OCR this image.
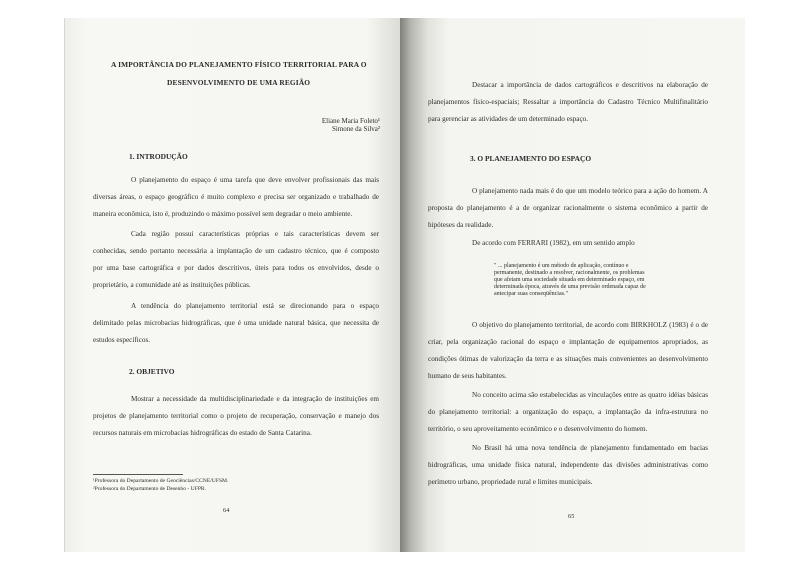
A IMPORTÂNCIA DO PLANEJAMENTO FÍSICO TERRITORIAL PARA O

DESENVOLVIMENTO DE UMA REGIÃO

Eliane Maria Foleto¹
Simone da Silva²

1. INTRODUÇÃO

O planejamento do espaço é uma tarefa que deve envolver profissionais das mais
diversas áreas, o espaço geográfico é muito complexo e precisa ser organizado e trabalhado de
maneira econômica, isto é, produzindo o máximo possível sem degradar o meio ambiente.
Cada região possui características próprias e tais características devem ser
conhecidas, sendo portanto necessária a implantação de um cadastro técnico, que é composto
por uma base cartográfica e por dados descritivos, úteis para todos os envolvidos, desde o
proprietário, a comunidade até as instituições públicas.
A tendência do planejamento territorial está se direcionando para o espaço
delimitado pelas microbacias hidrográficas, que é uma unidade natural básica, que necessita de
estudos específicos.

2. OBJETIVO

Mostrar a necessidade da multidisciplinariedade e da integração de instituições em
projetos de planejamento territorial como o projeto de recuperação, conservação e manejo dos
recursos naturais em microbacias hidrográficas do estado de Santa Catarina.
¹Professora do Departamento de Geociências/CCNE/UFSM.
²Professora do Departamento de Desenho - UFPR.
64
Destacar a importância de dados cartográficos e descritivos na elaboração de
planejamentos físico-espaciais; Ressaltar a importância do Cadastro Técnico Multifinalitário
para gerenciar as atividades de um determinado espaço.

3. O PLANEJAMENTO DO ESPAÇO

O planejamento nada mais é do que um modelo teórico para a ação do homem. A
proposta do planejamento é a de organizar racionalmente o sistema econômico a partir de
hipóteses da realidade.
De acordo com FERRARI (1982), em um sentido amplo
" ... planejamento é um método de aplicação, contínuo e
permanente, destinado a resolver, racionalmente, os problemas
que afetam uma sociedade situada em determinado espaço, em
determinada época, através de uma previsão ordenada capaz de
antecipar suas conseqüências."
O objetivo do planejamento territorial, de acordo com BIRKHOLZ (1983) é o de
criar, pela organização racional do espaço e implantação de equipamentos apropriados, as
condições ótimas de valorização da terra e as situações mais convenientes ao desenvolvimento
humano de seus habitantes.
No conceito acima são estabelecidas as vinculações entre as quatro idéias básicas
do planejamento territorial: a organização do espaço, a implantação da infra-estrutura no
território, o seu aproveitamento econômico e o desenvolvimento do homem.
No Brasil há uma nova tendência de planejamento fundamentado em bacias
hidrográficas, uma unidade física natural, independente das divisões administrativas como
perímetro urbano, propriedade rural e limites municipais.
65
